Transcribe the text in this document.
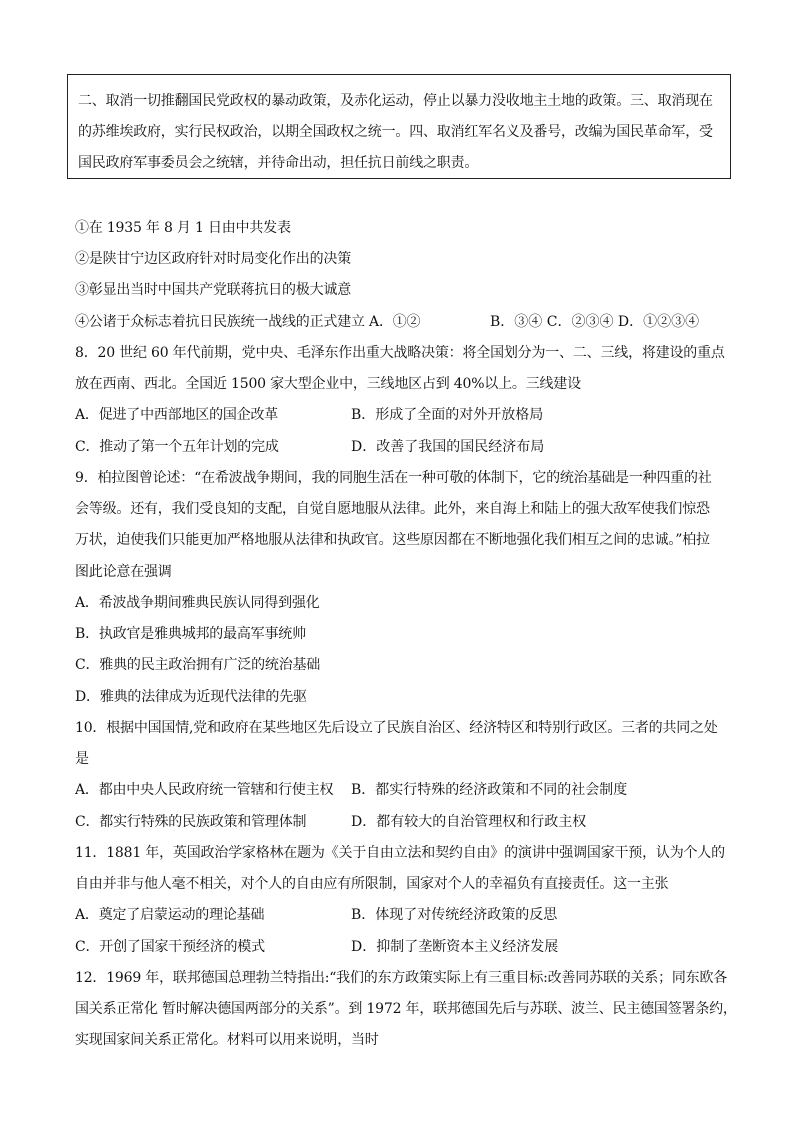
二、取消一切推翻国民党政权的暴动政策，及赤化运动，停止以暴力没收地主土地的政策。三、取消现在

的苏维埃政府，实行民权政治，以期全国政权之统一。四、取消红军名义及番号，改编为国民革命军，受

国民政府军事委员会之统辖，并待命出动，担任抗日前线之职责。

①在 1935 年 8 月 1 日由中共发表
②是陕甘宁边区政府针对时局变化作出的决策
③彰显出当时中国共产党联蒋抗日的极大诚意
④公诸于众标志着抗日民族统一战线的正式建立 A．①②	B．③④ C．②③④ D．①②③④
8．20 世纪 60 年代前期，党中央、毛泽东作出重大战略决策：将全国划分为一、二、三线，将建设的重点
放在西南、西北。全国近 1500 家大型企业中，三线地区占到 40%以上。三线建设
A．促进了中西部地区的国企改革	B．形成了全面的对外开放格局
C．推动了第一个五年计划的完成	D．改善了我国的国民经济布局
9．柏拉图曾论述：“在希波战争期间，我的同胞生活在一种可敬的体制下，它的统治基础是一种四重的社
会等级。还有，我们受良知的支配，自觉自愿地服从法律。此外，来自海上和陆上的强大敌军使我们惊恐
万状，迫使我们只能更加严格地服从法律和执政官。这些原因都在不断地强化我们相互之间的忠诚。”柏拉
图此论意在强调
A．希波战争期间雅典民族认同得到强化
B．执政官是雅典城邦的最高军事统帅
C．雅典的民主政治拥有广泛的统治基础
D．雅典的法律成为近现代法律的先驱
10．根据中国国情,党和政府在某些地区先后设立了民族自治区、经济特区和特别行政区。三者的共同之处
是
A．都由中央人民政府统一管辖和行使主权 B．都实行特殊的经济政策和不同的社会制度
C．都实行特殊的民族政策和管理体制	D．都有较大的自治管理权和行政主权
11．1881 年，英国政治学家格林在题为《关于自由立法和契约自由》的演讲中强调国家干预，认为个人的
自由并非与他人毫不相关，对个人的自由应有所限制，国家对个人的幸福负有直接责任。这一主张
A．奠定了启蒙运动的理论基础	B．体现了对传统经济政策的反思
C．开创了国家干预经济的模式	D．抑制了垄断资本主义经济发展
12．1969 年，联邦德国总理勃兰特指出:“我们的东方政策实际上有三重目标:改善同苏联的关系；同东欧各
国关系正常化 暂时解决德国两部分的关系”。到 1972 年，联邦德国先后与苏联、波兰、民主德国签署条约，
实现国家间关系正常化。材料可以用来说明，当时
